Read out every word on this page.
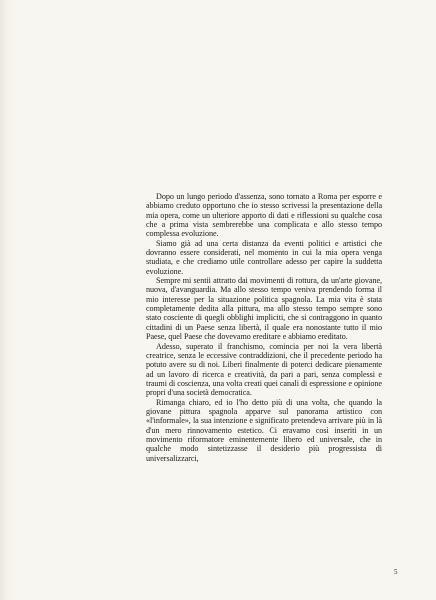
Dopo un lungo periodo d'assenza, sono tornato a Roma per esporre e abbiamo creduto opportuno che io stesso scrivessi la presentazione della mia opera, come un ulteriore apporto di dati e riflessioni su qualche cosa che a prima vista sembrerebbe una complicata e allo stesso tempo complessa evoluzione.

Siamo già ad una certa distanza da eventi politici e artistici che dovranno essere considerati, nel momento in cui la mia opera venga studiata, e che crediamo utile controllare adesso per capire la suddetta evoluzione.

Sempre mi sentii attratto dai movimenti di rottura, da un'arte giovane, nuova, d'avanguardia. Ma allo stesso tempo veniva prendendo forma il mio interesse per la situazione politica spagnola. La mia vita è stata completamente dedita alla pittura, ma allo stesso tempo sempre sono stato cosciente di quegli obblighi impliciti, che si contraggono in quanto cittadini di un Paese senza libertà, il quale era nonostante tutto il mio Paese, quel Paese che dovevamo ereditare e abbiamo ereditato.

Adesso, superato il franchismo, comincia per noi la vera libertà creatrice, senza le eccessive contraddizioni, che il precedente periodo ha potuto avere su di noi. Liberi finalmente di poterci dedicare pienamente ad un lavoro di ricerca e creatività, da pari a pari, senza complessi e traumi di coscienza, una volta creati quei canali di espressione e opinione propri d'una società democratica.

Rimanga chiaro, ed io l'ho detto più di una volta, che quando la giovane pittura spagnola apparve sul panorama artistico con «l'informale», la sua intenzione e significato pretendeva arrivare più in là d'un mero rinnovamento estetico. Ci eravamo così inseriti in un movimento riformatore eminentemente libero ed universale, che in qualche modo sintetizzasse il desiderio più progressista di universalizzarci,

5
